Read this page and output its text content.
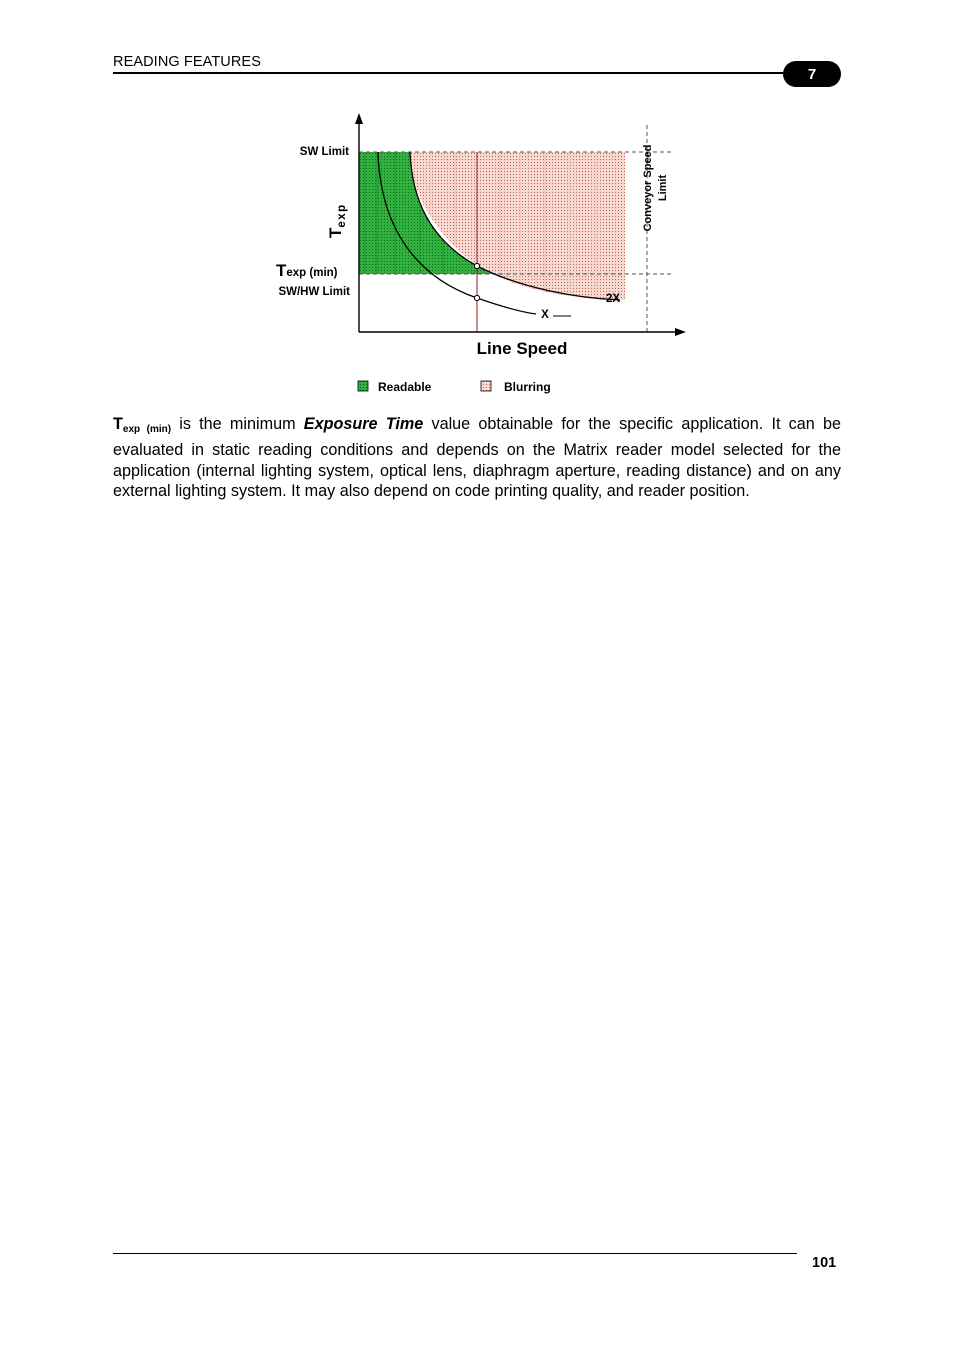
READING FEATURES
7
SW Limit
$T_{exp}$
Texp (min)
SW/HW Limit
Line Speed
Conveyor Speed Limit
X
2X
Readable	Blurring
$T_{exp (min)}$ is the minimum Exposure Time value obtainable for the specific application. It can be evaluated in static reading conditions and depends on the Matrix reader model selected for the application (internal lighting system, optical lens, diaphragm aperture, reading distance) and on any external lighting system. It may also depend on code printing quality, and reader position.
101
